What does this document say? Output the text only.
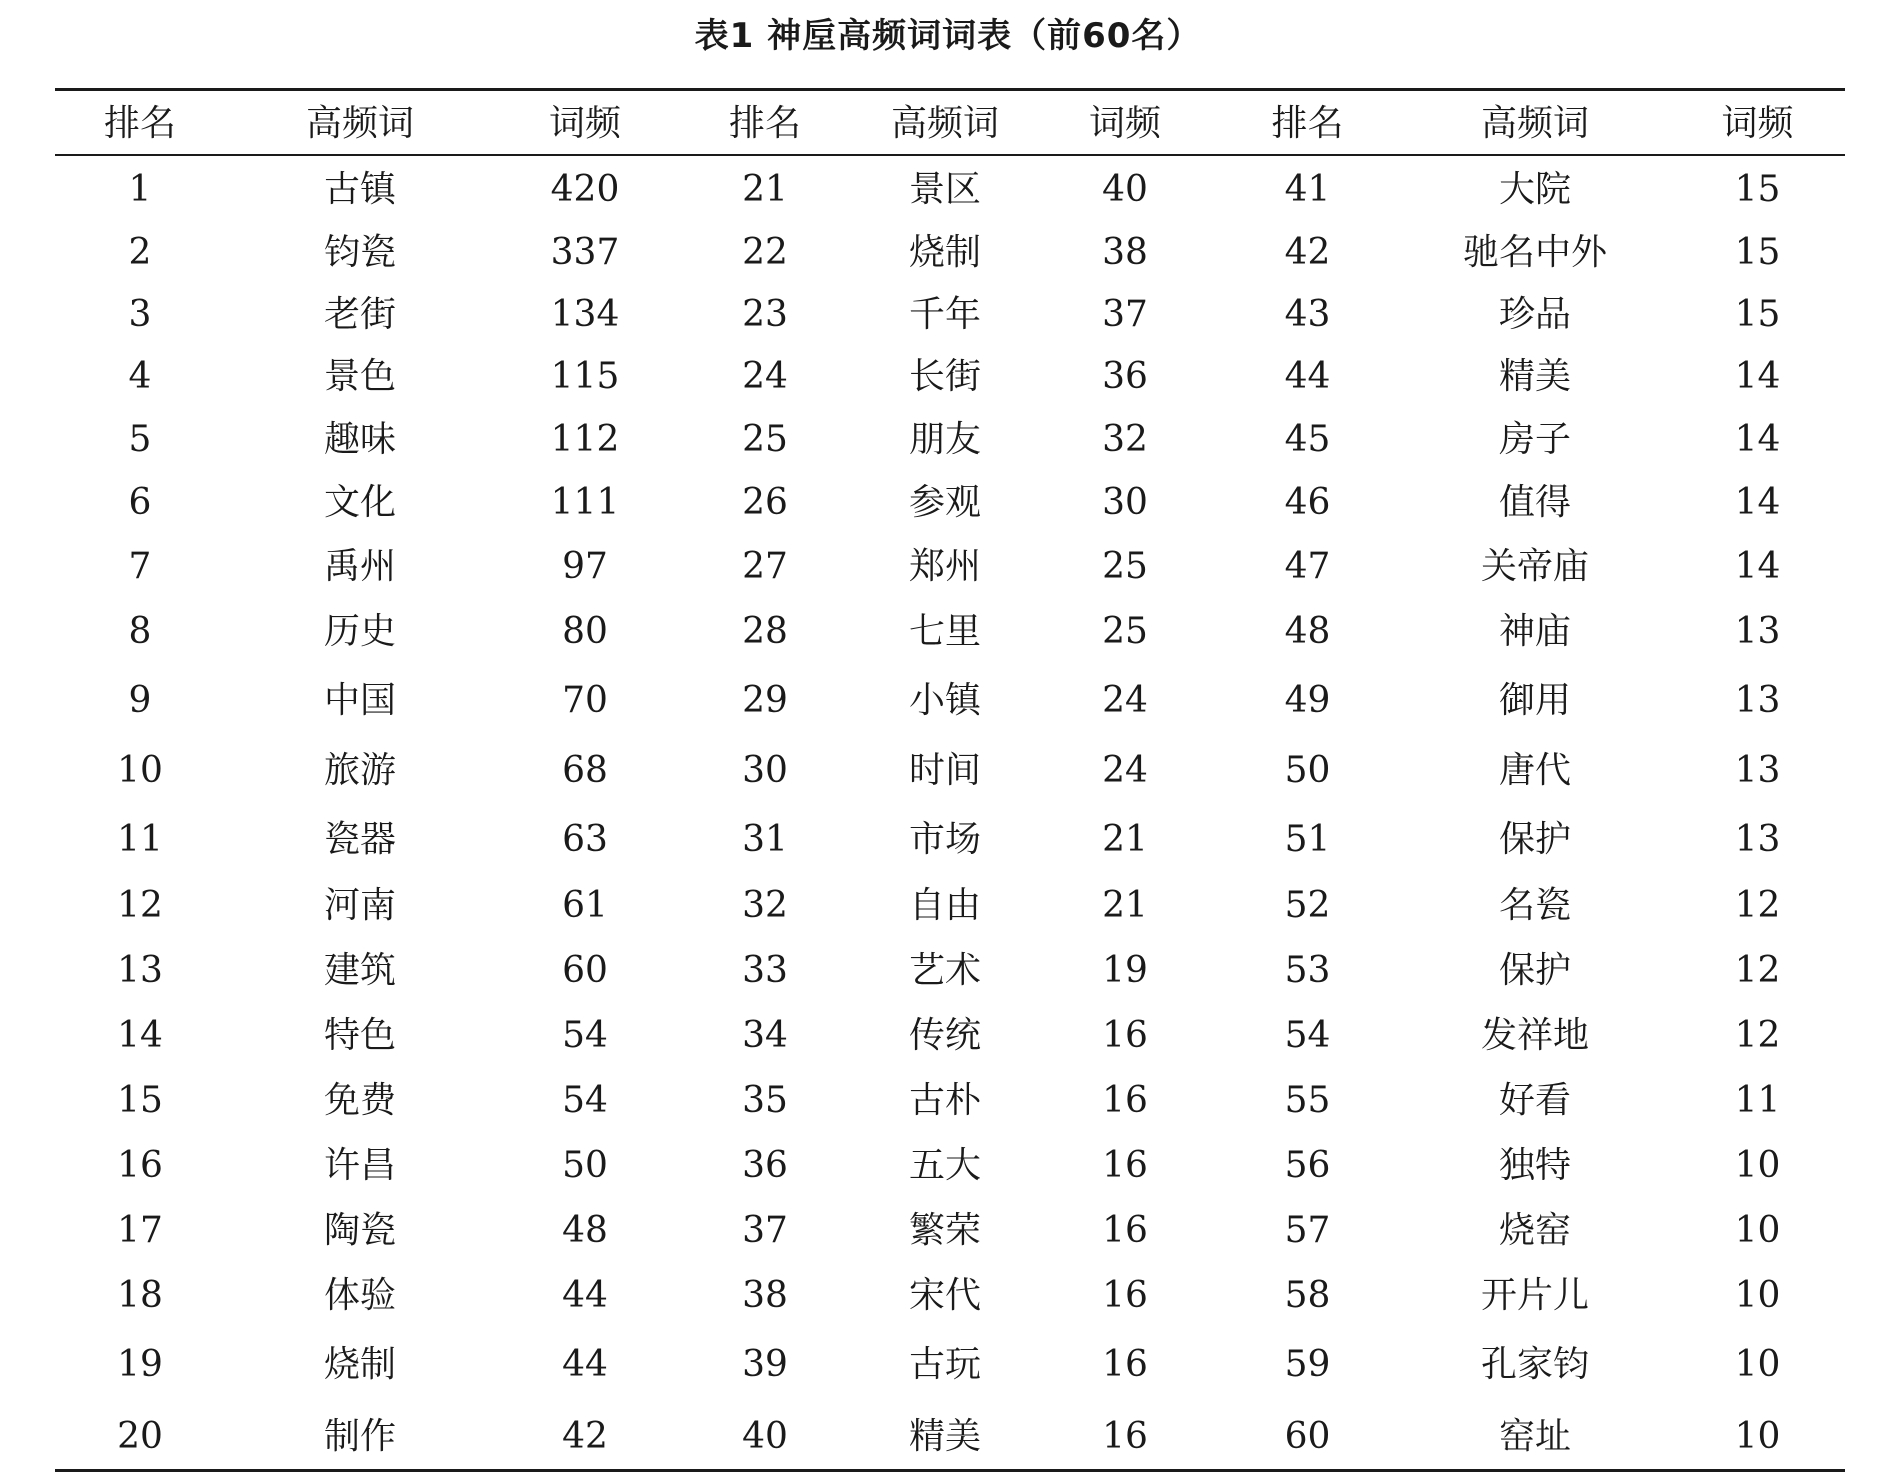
表1 神垕高频词词表（前60名）
排名	高频词	词频	排名	高频词	词频	排名	高频词	词频
1	古镇	420	21	景区	40	41	大院	15
2	钧瓷	337	22	烧制	38	42	驰名中外	15
3	老街	134	23	千年	37	43	珍品	15
4	景色	115	24	长街	36	44	精美	14
5	趣味	112	25	朋友	32	45	房子	14
6	文化	111	26	参观	30	46	值得	14
7	禹州	97	27	郑州	25	47	关帝庙	14
8	历史	80	28	七里	25	48	神庙	13
9	中国	70	29	小镇	24	49	御用	13
10	旅游	68	30	时间	24	50	唐代	13
11	瓷器	63	31	市场	21	51	保护	13
12	河南	61	32	自由	21	52	名瓷	12
13	建筑	60	33	艺术	19	53	保护	12
14	特色	54	34	传统	16	54	发祥地	12
15	免费	54	35	古朴	16	55	好看	11
16	许昌	50	36	五大	16	56	独特	10
17	陶瓷	48	37	繁荣	16	57	烧窑	10
18	体验	44	38	宋代	16	58	开片儿	10
19	烧制	44	39	古玩	16	59	孔家钧	10
20	制作	42	40	精美	16	60	窑址	10
